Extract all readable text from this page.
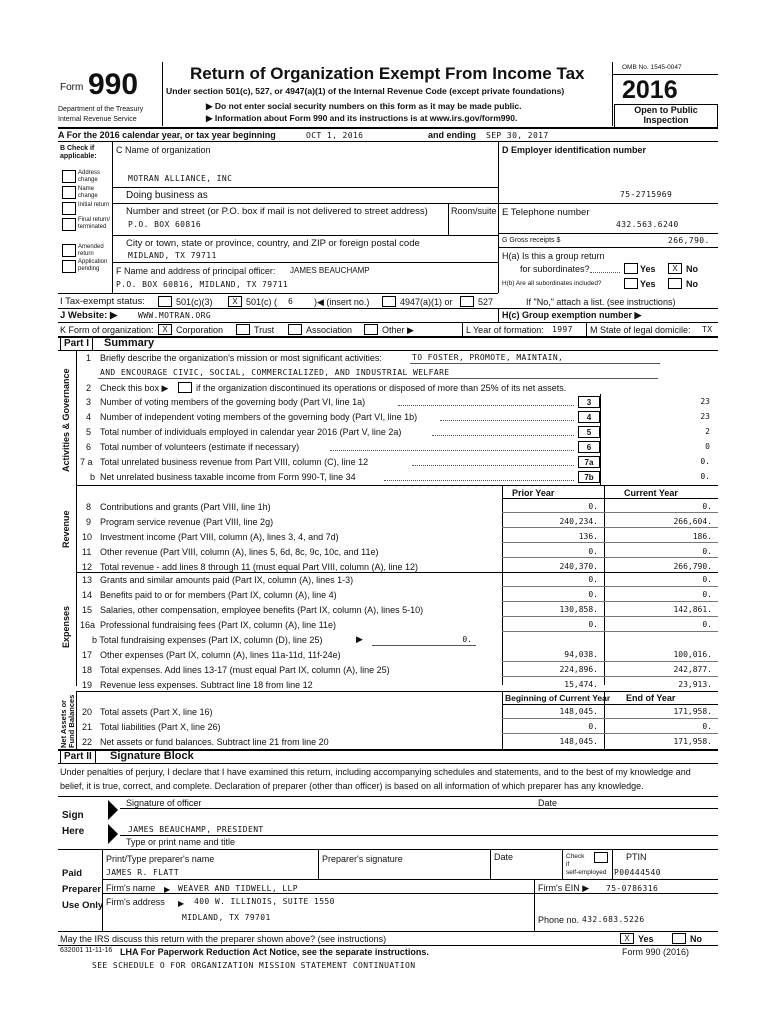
Form 990
Department of the Treasury
Internal Revenue Service
Return of Organization Exempt From Income Tax
Under section 501(c), 527, or 4947(a)(1) of the Internal Revenue Code (except private foundations)
▶ Do not enter social security numbers on this form as it may be made public.
▶ Information about Form 990 and its instructions is at www.irs.gov/form990.
OMB No. 1545-0047
2016
Open to Public
Inspection
A For the 2016 calendar year, or tax year beginning	OCT 1, 2016	and ending SEP 30, 2017
B Check if applicable:
Address change
Name change
Initial return
Final return/ terminated
Amended return
Application pending
C Name of organization
MOTRAN ALLIANCE, INC
Doing business as
Number and street (or P.O. box if mail is not delivered to street address)	Room/suite
P.O. BOX 60816
City or town, state or province, country, and ZIP or foreign postal code
MIDLAND, TX 79711
F Name and address of principal officer: JAMES BEAUCHAMP
P.O. BOX 60816, MIDLAND, TX 79711
D Employer identification number
75-2715969
E Telephone number
432.563.6240
G Gross receipts $	266,790.
H(a) Is this a group return
for subordinates?	Yes	X No
H(b) Are all subordinates included?	Yes	No
I Tax-exempt status:	501(c)(3)	X 501(c) ( 6 )◀ (insert no.)	4947(a)(1) or	527	If "No," attach a list. (see instructions)
J Website: ▶	WWW.MOTRAN.ORG	H(c) Group exemption number ▶
K Form of organization:	X Corporation	Trust	Association	Other ▶	L Year of formation: 1997 M State of legal domicile: TX
Part I	Summary
Activities & Governance
1 Briefly describe the organization's mission or most significant activities:	TO FOSTER, PROMOTE, MAINTAIN,
AND ENCOURAGE CIVIC, SOCIAL, COMMERCIALIZED, AND INDUSTRIAL WELFARE
2 Check this box ▶	if the organization discontinued its operations or disposed of more than 25% of its net assets.
3 Number of voting members of the governing body (Part VI, line 1a)	3	23
4 Number of independent voting members of the governing body (Part VI, line 1b)	4	23
5 Total number of individuals employed in calendar year 2016 (Part V, line 2a)	5	2
6 Total number of volunteers (estimate if necessary)	6	0
7 a Total unrelated business revenue from Part VIII, column (C), line 12	7a	0.
b Net unrelated business taxable income from Form 990-T, line 34	7b	0.
Prior Year	Current Year
Revenue
8 Contributions and grants (Part VIII, line 1h)	0.	0.
9 Program service revenue (Part VIII, line 2g)	240,234.	266,604.
10 Investment income (Part VIII, column (A), lines 3, 4, and 7d)	136.	186.
11 Other revenue (Part VIII, column (A), lines 5, 6d, 8c, 9c, 10c, and 11e)	0.	0.
12 Total revenue - add lines 8 through 11 (must equal Part VIII, column (A), line 12)	240,370.	266,790.
Expenses
13 Grants and similar amounts paid (Part IX, column (A), lines 1-3)	0.	0.
14 Benefits paid to or for members (Part IX, column (A), line 4)	0.	0.
15 Salaries, other compensation, employee benefits (Part IX, column (A), lines 5-10)	130,858.	142,861.
16a Professional fundraising fees (Part IX, column (A), line 11e)	0.	0.
b Total fundraising expenses (Part IX, column (D), line 25)	▶	0.
17 Other expenses (Part IX, column (A), lines 11a-11d, 11f-24e)	94,038.	100,016.
18 Total expenses. Add lines 13-17 (must equal Part IX, column (A), line 25)	224,896.	242,877.
19 Revenue less expenses. Subtract line 18 from line 12	15,474.	23,913.
Net Assets or Fund Balances	Beginning of Current Year End of Year
20 Total assets (Part X, line 16)	148,045.	171,958.
21 Total liabilities (Part X, line 26)	0.	0.
22 Net assets or fund balances. Subtract line 21 from line 20	148,045.	171,958.
Part II	Signature Block
Under penalties of perjury, I declare that I have examined this return, including accompanying schedules and statements, and to the best of my knowledge and belief, it is true, correct, and complete. Declaration of preparer (other than officer) is based on all information of which preparer has any knowledge.
Sign
Here
Signature of officer	Date
JAMES BEAUCHAMP, PRESIDENT
Type or print name and title
Paid
Preparer
Use Only
Print/Type preparer's name	Preparer's signature	Date	Check
if
self-employed
PTIN
JAMES R. FLATT	P00444540
Firm's name ▶ WEAVER AND TIDWELL, LLP	Firm's EIN ▶ 75-0786316
Firm's address ▶ 400 W. ILLINOIS, SUITE 1550
MIDLAND, TX 79701	Phone no. 432.683.5226
May the IRS discuss this return with the preparer shown above? (see instructions)	X Yes	No
632001 11-11-16 LHA For Paperwork Reduction Act Notice, see the separate instructions.	Form 990 (2016)
SEE SCHEDULE O FOR ORGANIZATION MISSION STATEMENT CONTINUATION
